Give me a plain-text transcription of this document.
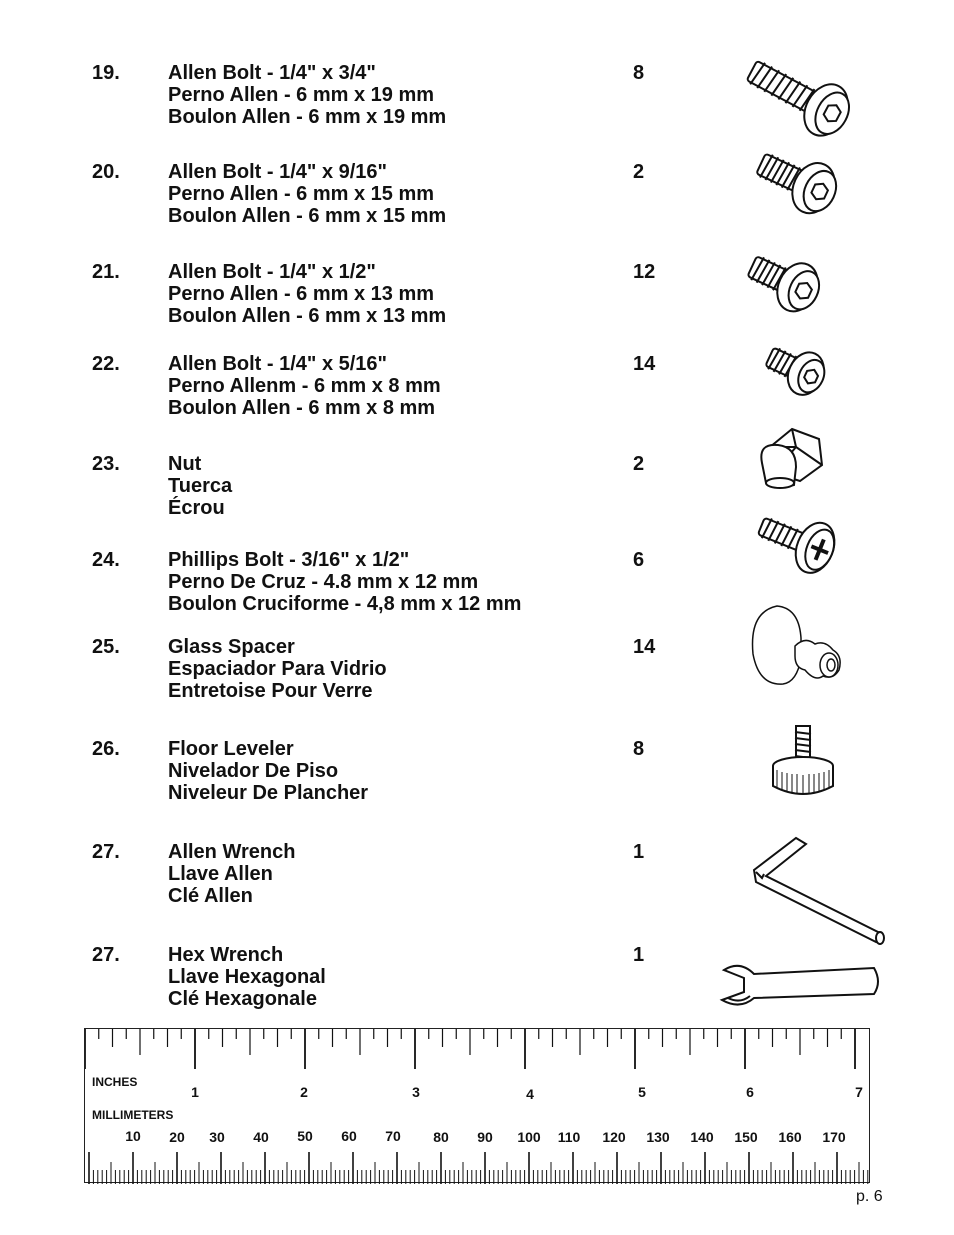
19. Allen Bolt - 1/4" x 3/4"
Perno Allen - 6 mm x 19 mm
Boulon Allen - 6 mm x 19 mm
8
20. Allen Bolt - 1/4" x 9/16"
Perno Allen - 6 mm x 15 mm
Boulon Allen - 6 mm x 15 mm
2
21. Allen Bolt - 1/4" x 1/2"
Perno Allen - 6 mm x 13 mm
Boulon Allen - 6 mm x 13 mm
12
22. Allen Bolt - 1/4" x 5/16"
Perno Allenm - 6 mm x 8 mm
Boulon Allen - 6 mm x 8 mm
14
23. Nut
Tuerca
Écrou
2
24. Phillips Bolt - 3/16" x 1/2"
Perno De Cruz - 4.8 mm x 12 mm
Boulon Cruciforme - 4,8 mm x 12 mm
6
25. Glass Spacer
Espaciador Para Vidrio
Entretoise Pour Verre
14
26. Floor Leveler
Nivelador De Piso
Niveleur De Plancher
8
27. Allen Wrench
Llave Allen
Clé Allen
1
27. Hex Wrench
Llave Hexagonal
Clé Hexagonale
1
INCHES
MILLIMETERS
1	2	3	4	5	6	7
10 20 30 40 50 60 70 80 90 100 110 120 130 140 150 160 170
p. 6
